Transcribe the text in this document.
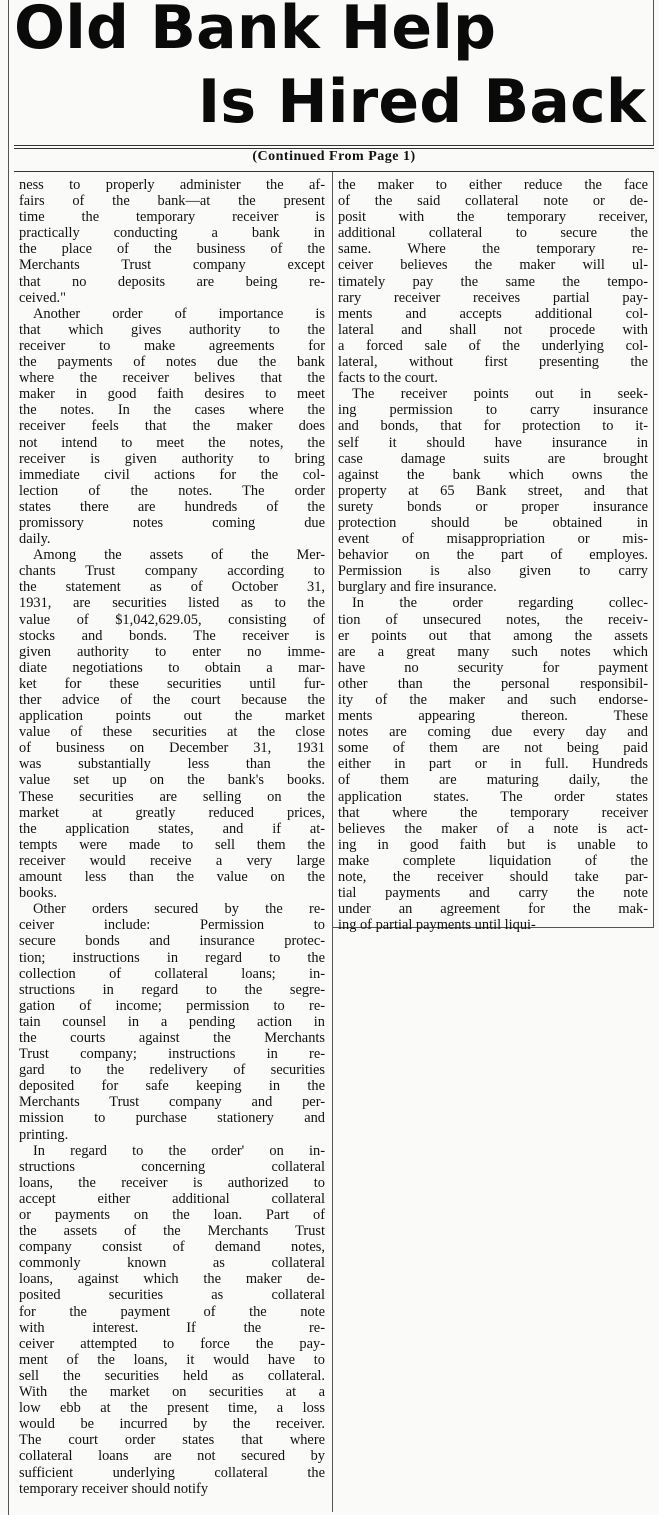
Old Bank Help
Is Hired Back
(Continued From Page 1)

ness to properly administer the af-
fairs of the bank—at the present
time the temporary receiver is
practically conducting a bank in
the place of the business of the
Merchants Trust company except
that no deposits are being re-
ceived."

Another order of importance is
that which gives authority to the
receiver to make agreements for
the payments of notes due the bank
where the receiver belives that the
maker in good faith desires to meet
the notes. In the cases where the
receiver feels that the maker does
not intend to meet the notes, the
receiver is given authority to bring
immediate civil actions for the col-
lection of the notes. The order
states there are hundreds of the
promissory notes coming due
daily.

Among the assets of the Mer-
chants Trust company according to
the statement as of October 31,
1931, are securities listed as to the
value of $1,042,629.05, consisting of
stocks and bonds. The receiver is
given authority to enter no imme-
diate negotiations to obtain a mar-
ket for these securities until fur-
ther advice of the court because the
application points out the market
value of these securities at the close
of business on December 31, 1931
was substantially less than the
value set up on the bank's books.
These securities are selling on the
market at greatly reduced prices,
the application states, and if at-
tempts were made to sell them the
receiver would receive a very large
amount less than the value on the
books.

Other orders secured by the re-
ceiver include: Permission to
secure bonds and insurance protec-
tion; instructions in regard to the
collection of collateral loans; in-
structions in regard to the segre-
gation of income; permission to re-
tain counsel in a pending action in
the courts against the Merchants
Trust company; instructions in re-
gard to the redelivery of securities
deposited for safe keeping in the
Merchants Trust company and per-
mission to purchase stationery and
printing.

In regard to the order' on in-
structions concerning collateral
loans, the receiver is authorized to
accept either additional collateral
or payments on the loan. Part of
the assets of the Merchants Trust
company consist of demand notes,
commonly known as collateral
loans, against which the maker de-
posited securities as collateral
for the payment of the note
with interest. If the re-
ceiver attempted to force the pay-
ment of the loans, it would have to
sell the securities held as collateral.
With the market on securities at a
low ebb at the present time, a loss
would be incurred by the receiver.
The court order states that where
collateral loans are not secured by
sufficient underlying collateral the
temporary receiver should notify

the maker to either reduce the face
of the said collateral note or de-
posit with the temporary receiver,
additional collateral to secure the
same. Where the temporary re-
ceiver believes the maker will ul-
timately pay the same the tempo-
rary receiver receives partial pay-
ments and accepts additional col-
lateral and shall not procede with
a forced sale of the underlying col-
lateral, without first presenting the
facts to the court.

The receiver points out in seek-
ing permission to carry insurance
and bonds, that for protection to it-
self it should have insurance in
case damage suits are brought
against the bank which owns the
property at 65 Bank street, and that
surety bonds or proper insurance
protection should be obtained in
event of misappropriation or mis-
behavior on the part of employes.
Permission is also given to carry
burglary and fire insurance.

In the order regarding collec-
tion of unsecured notes, the receiv-
er points out that among the assets
are a great many such notes which
have no security for payment
other than the personal responsibil-
ity of the maker and such endorse-
ments appearing thereon. These
notes are coming due every day and
some of them are not being paid
either in part or in full. Hundreds
of them are maturing daily, the
application states. The order states
that where the temporary receiver
believes the maker of a note is act-
ing in good faith but is unable to
make complete liquidation of the
note, the receiver should take par-
tial payments and carry the note
under an agreement for the mak-
ing of partial payments until liqui-
